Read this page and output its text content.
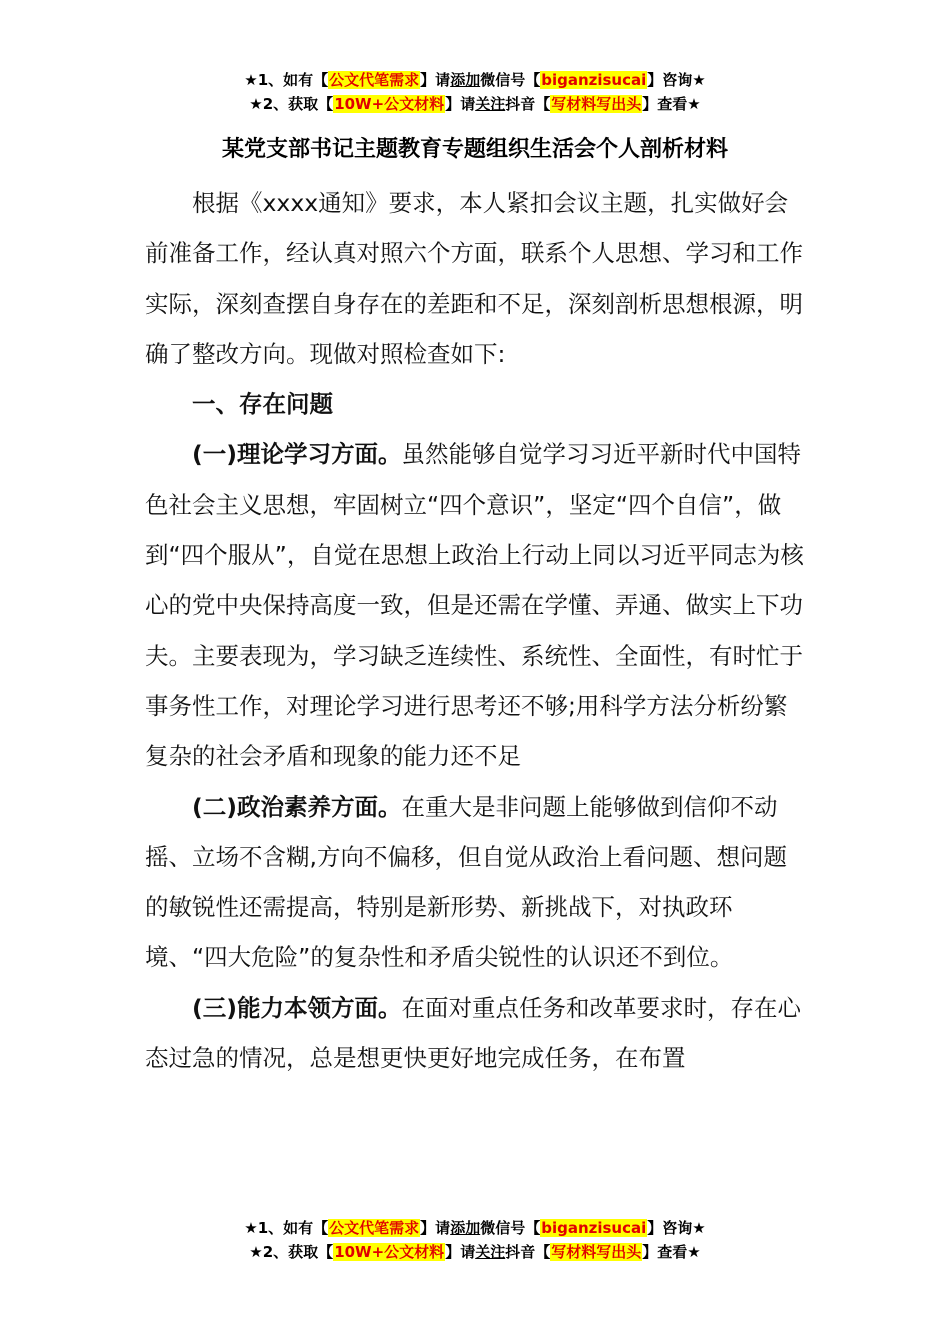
★1、如有【公文代笔需求】请添加微信号【biganzisucai】咨询★
★2、获取【10W+公文材料】请关注抖音【写材料写出头】查看★
某党支部书记主题教育专题组织生活会个人剖析材料

根据《xxxx通知》要求，本人紧扣会议主题，扎实做好会前准备工作，经认真对照六个方面，联系个人思想、学习和工作实际，深刻查摆自身存在的差距和不足，深刻剖析思想根源，明确了整改方向。现做对照检查如下:

一、存在问题

(一)理论学习方面。虽然能够自觉学习习近平新时代中国特色社会主义思想，牢固树立“四个意识”，坚定“四个自信”，做到“四个服从”，自觉在思想上政治上行动上同以习近平同志为核心的党中央保持高度一致，但是还需在学懂、弄通、做实上下功夫。主要表现为，学习缺乏连续性、系统性、全面性，有时忙于事务性工作，对理论学习进行思考还不够;用科学方法分析纷繁复杂的社会矛盾和现象的能力还不足

(二)政治素养方面。在重大是非问题上能够做到信仰不动摇、立场不含糊,方向不偏移，但自觉从政治上看问题、想问题的敏锐性还需提高，特别是新形势、新挑战下，对执政环境、“四大危险”的复杂性和矛盾尖锐性的认识还不到位。

(三)能力本领方面。在面对重点任务和改革要求时，存在心态过急的情况，总是想更快更好地完成任务，在布置

★1、如有【公文代笔需求】请添加微信号【biganzisucai】咨询★
★2、获取【10W+公文材料】请关注抖音【写材料写出头】查看★
